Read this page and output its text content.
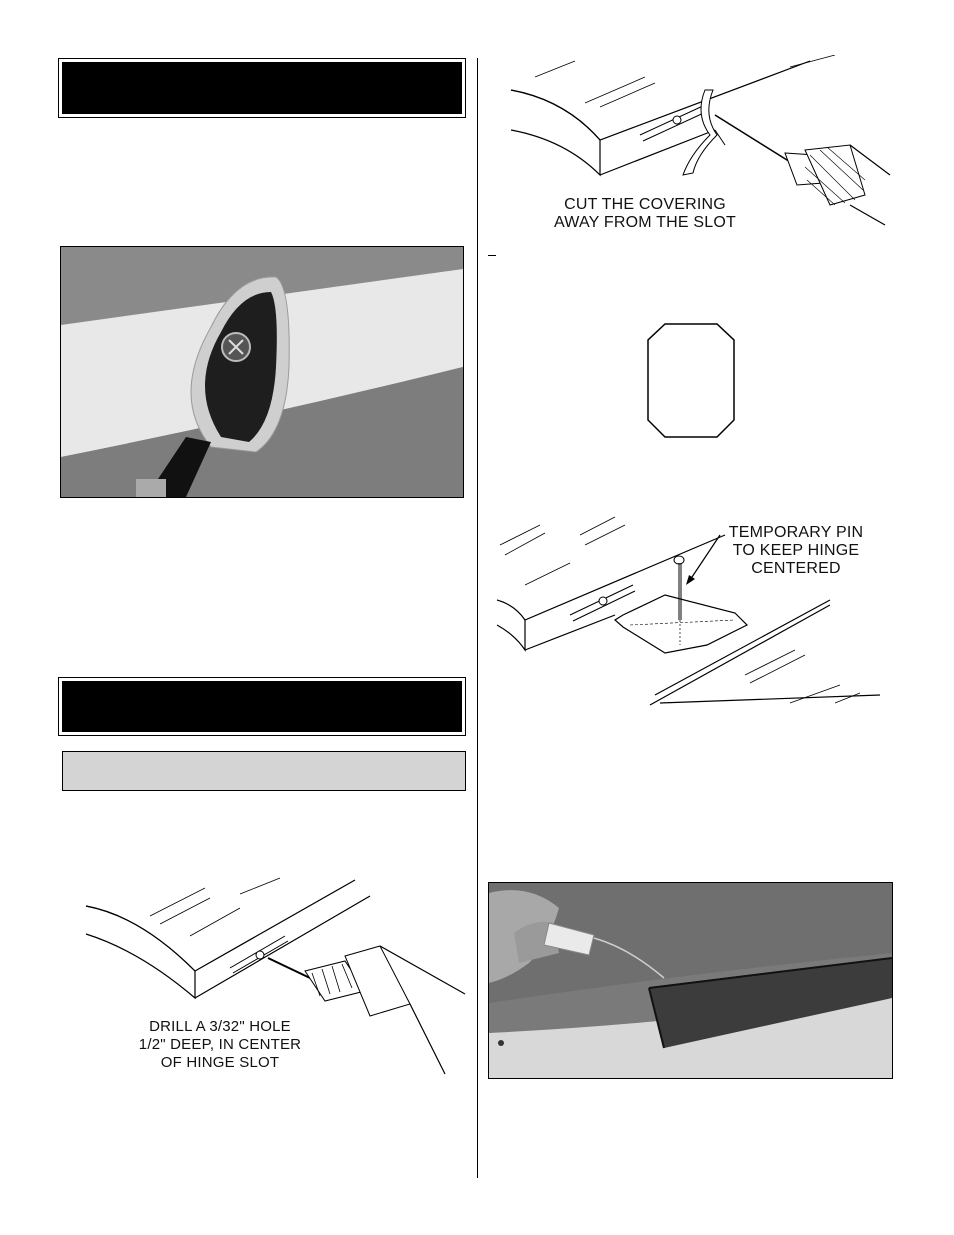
DRILL A 3/32" HOLE
1/2" DEEP, IN CENTER
OF HINGE SLOT
CUT THE COVERING
AWAY FROM THE SLOT
TEMPORARY PIN
TO KEEP HINGE
CENTERED
